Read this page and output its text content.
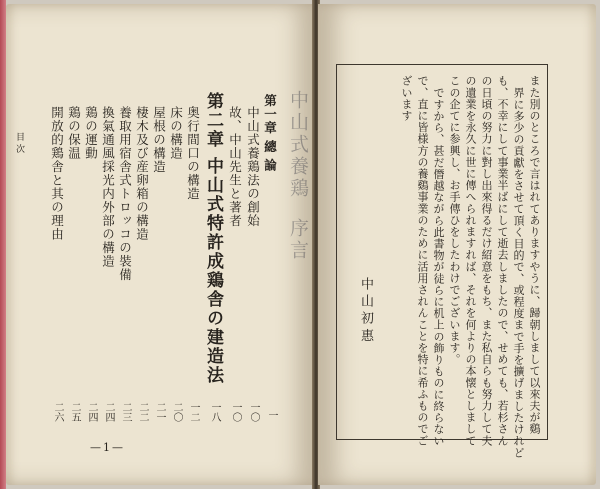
中山式養鶏
序言
第一章 總 論
一
中山式養鶏法の創始
一〇
故、中山先生と著者
一〇
第二章 中山式特許成鶏舎の建造法
一八
奥行間口の構造
一二
床の構造
二〇
屋根の構造
二一
棲木及び産卵箱の構造
二二
養取用宿舎式トロッコの裝備
二三
換氣通風採光内外部の構造
二四
鶏の運動
二四
鶏の保温
二五
開放的鶏舎と其の理由
二六
目 次
—1—
また別のところで言はれてありますやうに、歸朝しまして以來夫が鷄
界に多少の貢獻をさせて頂く目的で、或程度まで手を擴げましたけれど
も、不幸にして事業半ばにして逝去しましたので、せめても、若杉さん
の日頃の努力に對し出來得るだけ紹意をもち、また私自らも努力して夫
の遺業を永久に世に傳へられますれば、それを何よりの本懐としまして
この企てに参興し、お手傳ひをしたわけでございます。
ですから、甚だ僭越ながら此書物が徒らに机上の飾りものに終らない
で、直に皆様方の養鷄事業のために活用されんことを特に希ふものでご
ざいます
中 山 初 惠
